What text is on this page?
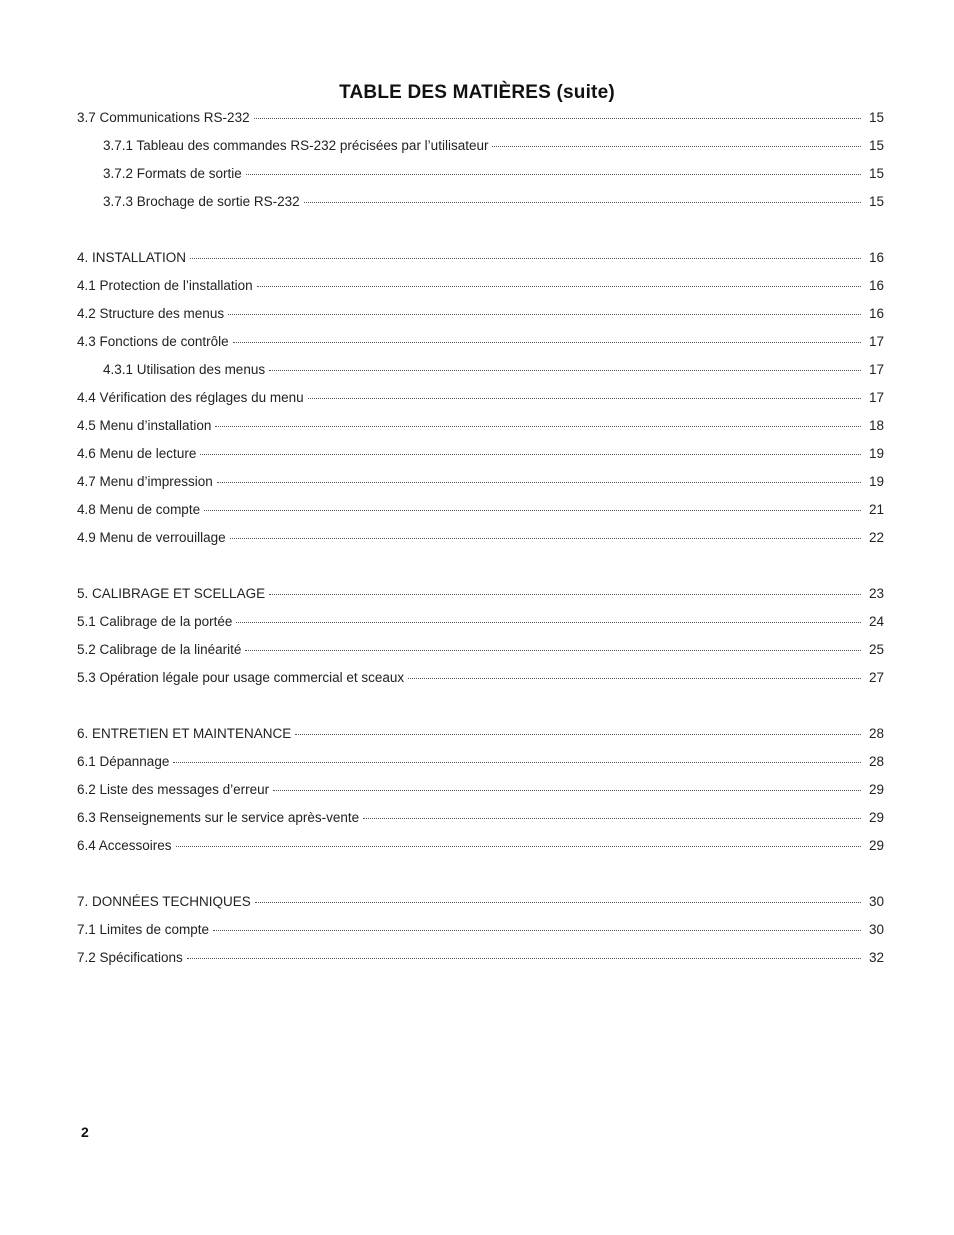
TABLE DES MATIÈRES (suite)
3.7 Communications RS-232	15
3.7.1 Tableau des commandes RS-232 précisées par l’utilisateur	15
3.7.2 Formats de sortie	15
3.7.3 Brochage de sortie RS-232	15
4. INSTALLATION	16
4.1 Protection de l’installation	16
4.2 Structure des menus	16
4.3 Fonctions de contrôle	17
4.3.1 Utilisation des menus	17
4.4 Vérification des réglages du menu	17
4.5 Menu d’installation	18
4.6 Menu de lecture	19
4.7 Menu d’impression	19
4.8 Menu de compte	21
4.9 Menu de verrouillage	22
5. CALIBRAGE ET SCELLAGE	23
5.1 Calibrage de la portée	24
5.2 Calibrage de la linéarité	25
5.3 Opération légale pour usage commercial et sceaux	27
6. ENTRETIEN ET MAINTENANCE	28
6.1 Dépannage	28
6.2 Liste des messages d’erreur	29
6.3 Renseignements sur le service après-vente	29
6.4 Accessoires	29
7. DONNÉES TECHNIQUES	30
7.1 Limites de compte	30
7.2 Spécifications	32
2
